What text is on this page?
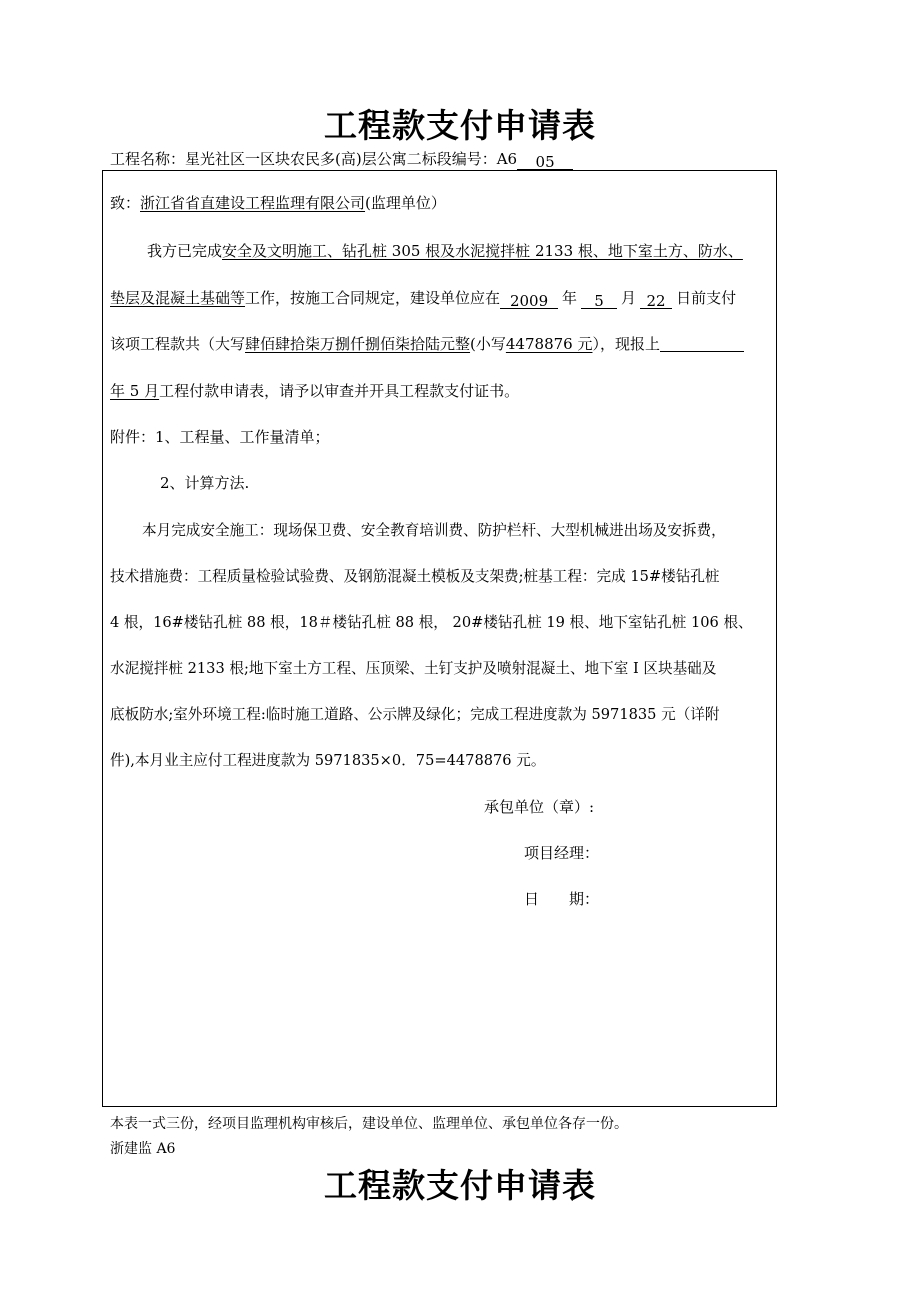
工程款支付申请表
工程名称：星光社区一区块农民多(高)层公寓二标段编号：A6 05
致：浙江省省直建设工程监理有限公司(监理单位）
我方已完成安全及文明施工、钻孔桩 305 根及水泥搅拌桩 2133 根、地下室土方、防水、
垫层及混凝土基础等工作，按施工合同规定，建设单位应在 2009 年 5 月 22 日前支付
该项工程款共（大写肆佰肆拾柒万捌仟捌佰柒拾陆元整(小写4478876 元），现报上
年 5 月工程付款申请表，请予以审查并开具工程款支付证书。
附件：1、工程量、工作量清单；
2、计算方法.
本月完成安全施工：现场保卫费、安全教育培训费、防护栏杆、大型机械进出场及安拆费，
技术措施费：工程质量检验试验费、及钢筋混凝土模板及支架费;桩基工程：完成 15#楼钻孔桩
4 根，16#楼钻孔桩 88 根，18＃楼钻孔桩 88 根， 20#楼钻孔桩 19 根、地下室钻孔桩 106 根、
水泥搅拌桩 2133 根;地下室土方工程、压顶梁、土钉支护及喷射混凝土、地下室 I 区块基础及
底板防水;室外环境工程:临时施工道路、公示牌及绿化；完成工程进度款为 5971835 元（详附
件),本月业主应付工程进度款为 5971835×0．75=4478876 元。
承包单位（章）:
项目经理：
日　　期：
本表一式三份，经项目监理机构审核后，建设单位、监理单位、承包单位各存一份。
浙建监 A6
工程款支付申请表
